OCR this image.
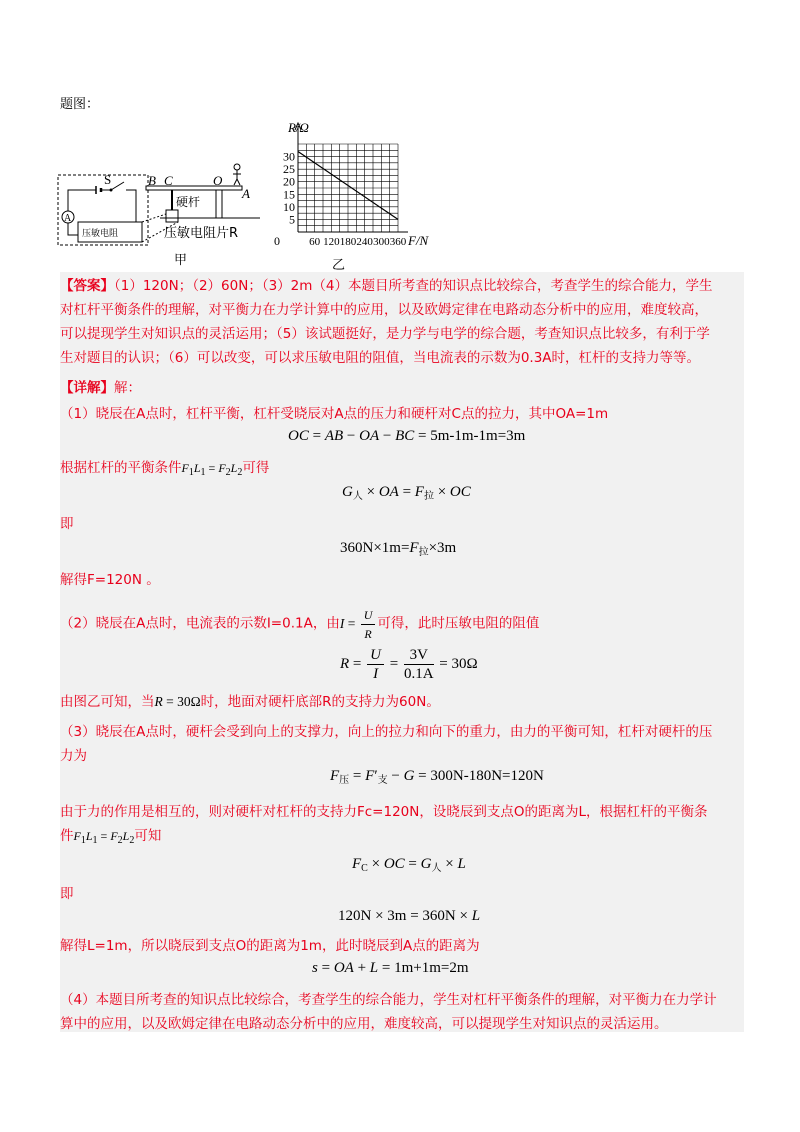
题图：
B C	O
A
S
A
压敏电阻
硬杆
压敏电阻片R
甲
5
10
15
20
25
30
60 120 180 240 300 360
R/Ω
F/N
0
乙
【答案】（1）120N；（2）60N；（3）2m（4）本题目所考查的知识点比较综合，考查学生的综合能力，学生
对杠杆平衡条件的理解，对平衡力在力学计算中的应用，以及欧姆定律在电路动态分析中的应用，难度较高，
可以提现学生对知识点的灵活运用；（5）该试题挺好，是力学与电学的综合题，考查知识点比较多，有利于学
生对题目的认识；（6）可以改变，可以求压敏电阻的阻值，当电流表的示数为0.3A时，杠杆的支持力等等。
【详解】解：
（1）晓辰在A点时，杠杆平衡，杠杆受晓辰对A点的压力和硬杆对C点的拉力，其中OA=1m
OC = AB − OA − BC = 5m-1m-1m=3m
根据杠杆的平衡条件$F_1L_1 = F_2L_2$可得
$G_人$ × OA = $F_拉$ × OC
即
$360N\times 1m=F_拉\times 3m$
解得F=120N 。
（2）晓辰在A点时，电流表的示数I=0.1A，由$I = \frac{U}{R}$ 可得，此时压敏电阻的阻值
$R = \frac{U}{I} = \frac{3V}{0.1A} = 30\Omega$
由图乙可知，当R = 30Ω时，地面对硬杆底部R的支持力为60N。
（3）晓辰在A点时，硬杆会受到向上的支撑力，向上的拉力和向下的重力，由力的平衡可知，杠杆对硬杆的压
力为
$F_压 = F'_支 - G = 300N-180N=120N$
由于力的作用是相互的，则对硬杆对杠杆的支持力Fc=120N，设晓辰到支点O的距离为L，根据杠杆的平衡条
件$F_1L_1 = F_2L_2$可知
$F_C$ × OC = $G_人 \times L$
即
120N × 3m = 360N × L
解得L=1m，所以晓辰到支点O的距离为1m，此时晓辰到A点的距离为
s = OA + L = 1m+1m=2m
（4）本题目所考查的知识点比较综合，考查学生的综合能力，学生对杠杆平衡条件的理解，对平衡力在力学计
算中的应用，以及欧姆定律在电路动态分析中的应用，难度较高，可以提现学生对知识点的灵活运用。
